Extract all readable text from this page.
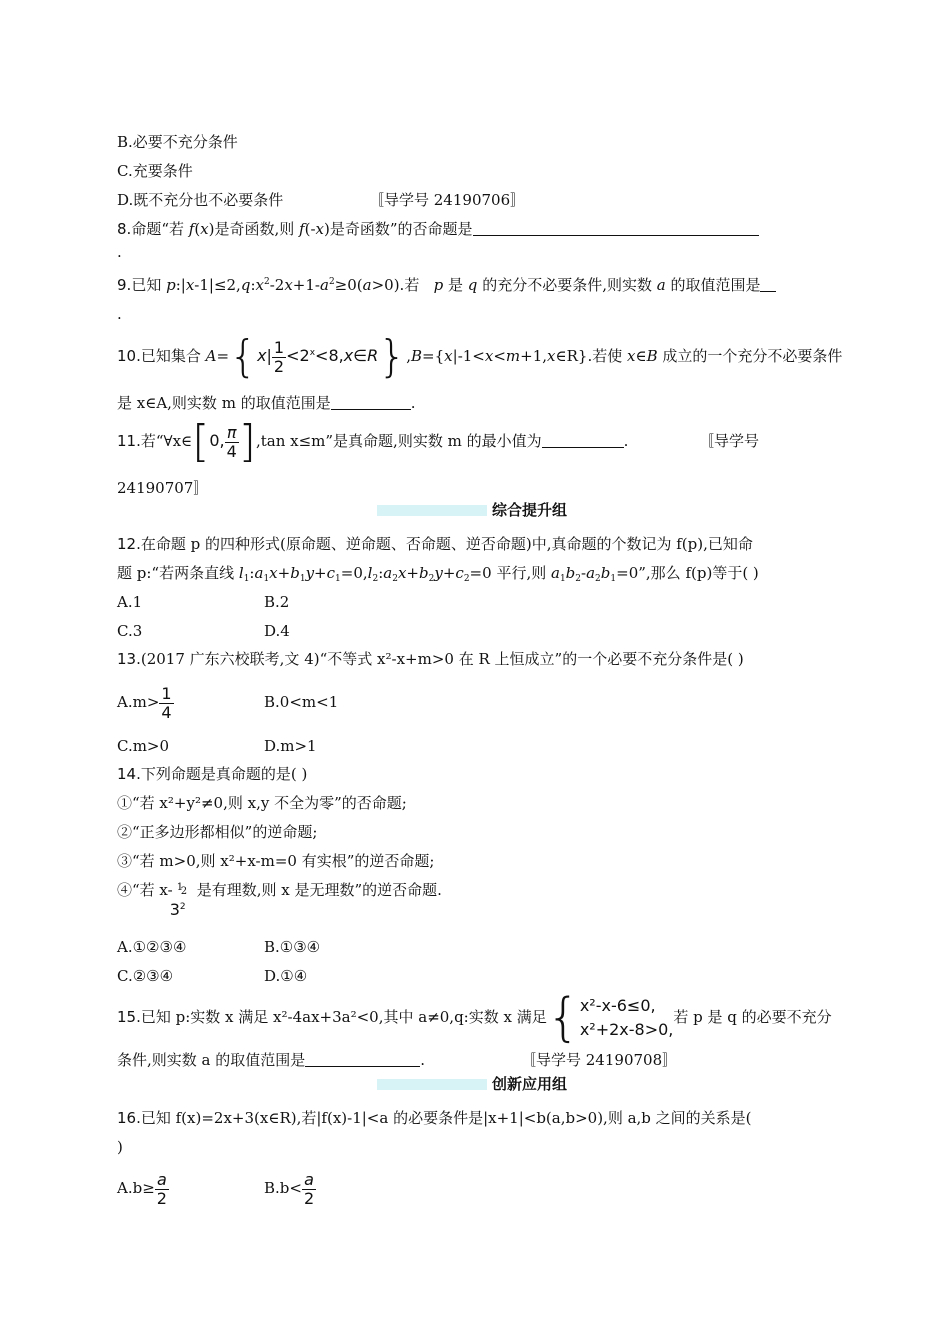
B.必要不充分条件
C.充要条件
D.既不充分也不必要条件	〚导学号 24190706〛
8.命题“若 f(x)是奇函数,则 f(-x)是奇函数”的否命题是
.
9.已知 $p:|x-1|\le 2,q:x^2-2x+1-a^2\ge 0(a>0)$.若   p 是 q 的充分不必要条件,则实数 a 的取值范围是
.
10.已知集合 $A=\{x| \frac{1}{2}$ $<2^x<8,x\in R\},B=\{x|-1<x<m+1,x\in R\}$.若使 x∈B 成立的一个充分不必要条件
是 x∈A,则实数 m 的取值范围是	.
11.若“∀x∈[0, $\frac{\pi}{4} ],\tan$ x≤m”是真命题,则实数 m 的最小值为	.	〚导学号
24190707〛
综合提升组
12.在命题 p 的四种形式(原命题、逆命题、否命题、逆否命题)中,真命题的个数记为 f(p),已知命
题 p:“若两条直线 $l_1:a_1x+b_1y+c_1=0,l_2:a_2x+b_2y+c_2=0$ 平行,则 $a_1b_2-a_2b_1=0$”,那么 f(p)等于( )
A.1	B.2
C.3	D.4
13.(2017 广东六校联考,文 4)“不等式 x²-x+m>0 在 R 上恒成立”的一个必要不充分条件是( )
$A.m> \frac{1}{4}$	B.0<m<1
C.m>0	D.m>1
14.下列命题是真命题的是( )
①“若 x²+y²≠0,则 x,y 不全为零”的否命题;
②“正多边形都相似”的逆命题;
③“若 m>0,则 x²+x-m=0 有实根”的逆否命题;
④“若 x- 1
2
$3^2$
是有理数,则 x 是无理数”的逆否命题.
A.①②③④	B.①③④
C.②③④	D.①④
15.已知 p:实数 x 满足 x²-4ax+3a²<0,其中 a≠0,q:实数 x 满足{ x²-x-6≤0,
x²+2x-8>0,
若 p 是 q 的必要不充分
条件,则实数 a 的取值范围是	.	〚导学号 24190708〛
创新应用组
16.已知 f(x)=2x+3(x∈R),若|f(x)-1|<a 的必要条件是|x+1|<b(a,b>0),则 a,b 之间的关系是(
)
$A.b\ge \frac{a}{2}$	$B.b< \frac{a}{2}$
